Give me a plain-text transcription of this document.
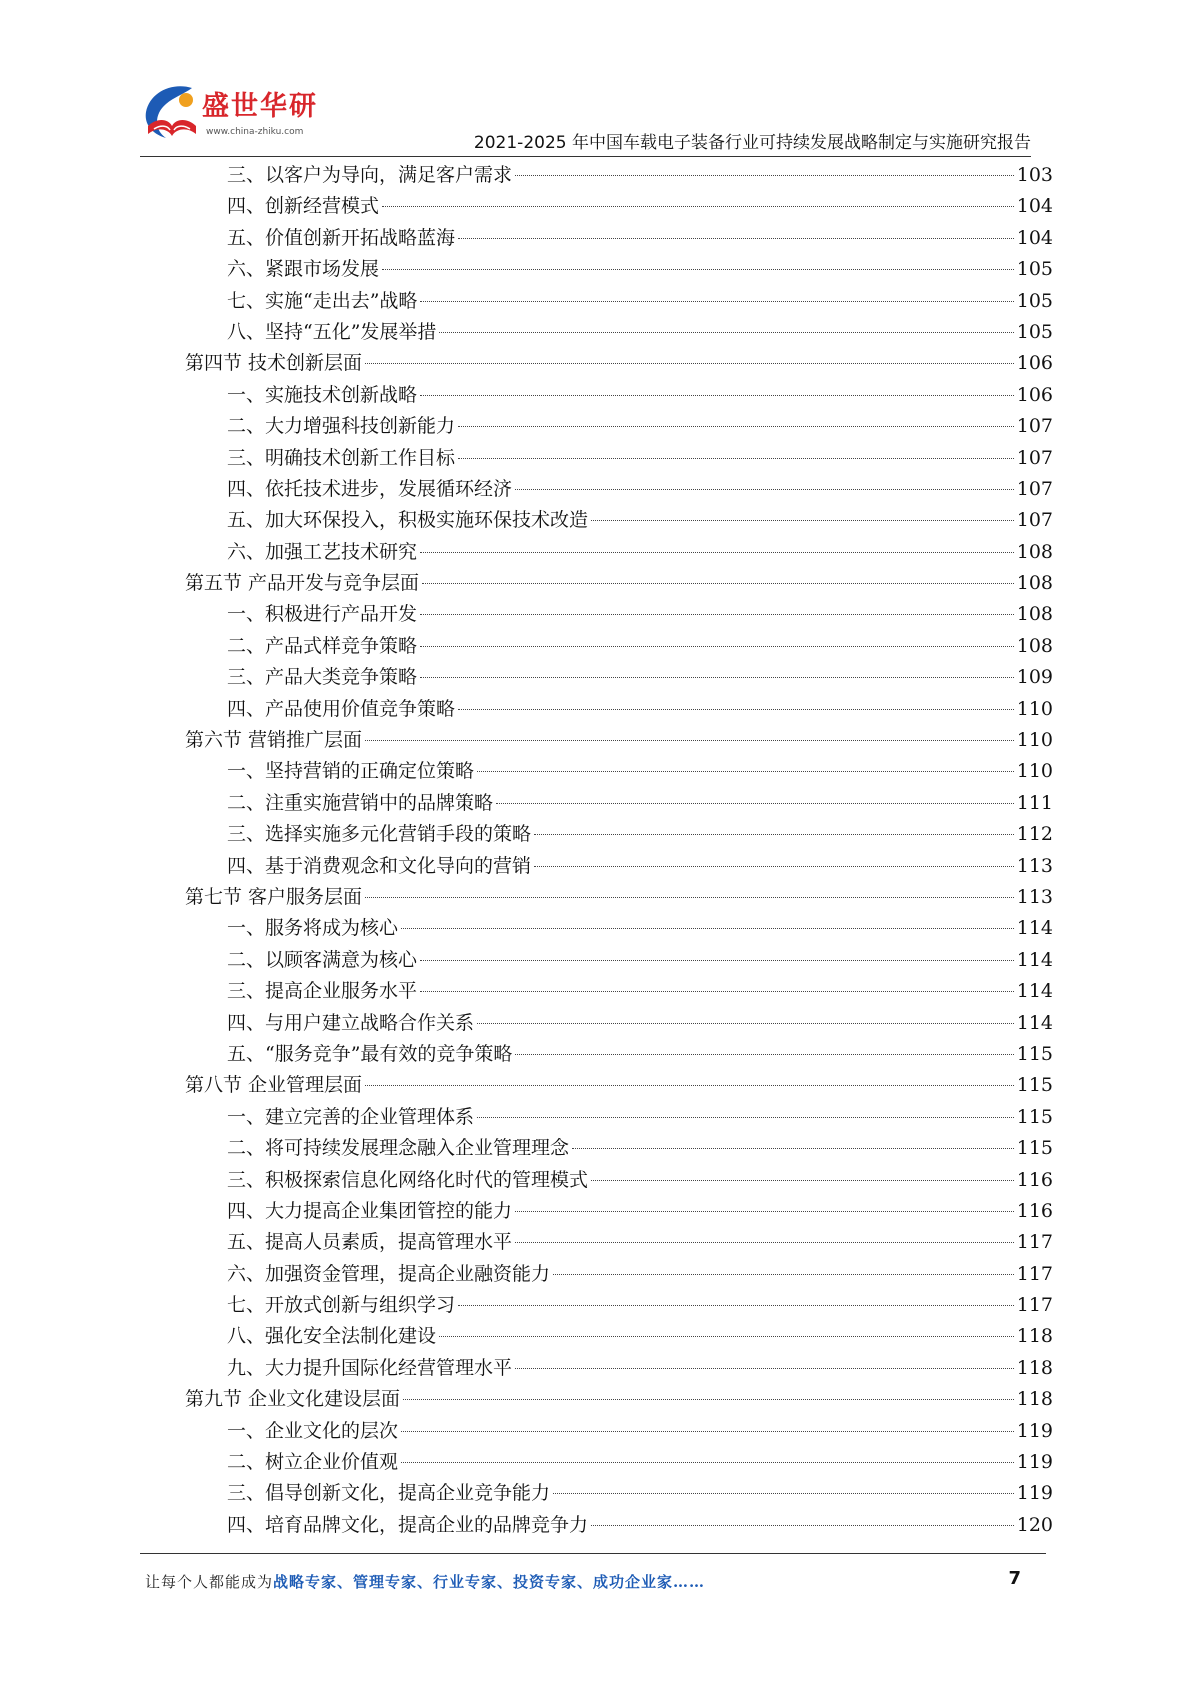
盛世华研
www.china-zhiku.com
2021-2025 年中国车载电子装备行业可持续发展战略制定与实施研究报告
三、以客户为导向，满足客户需求	103
四、创新经营模式	104
五、价值创新开拓战略蓝海	104
六、紧跟市场发展	105
七、实施“走出去”战略	105
八、坚持“五化”发展举措	105
第四节 技术创新层面	106
一、实施技术创新战略	106
二、大力增强科技创新能力	107
三、明确技术创新工作目标	107
四、依托技术进步，发展循环经济	107
五、加大环保投入，积极实施环保技术改造	107
六、加强工艺技术研究	108
第五节 产品开发与竞争层面	108
一、积极进行产品开发	108
二、产品式样竞争策略	108
三、产品大类竞争策略	109
四、产品使用价值竞争策略	110
第六节 营销推广层面	110
一、坚持营销的正确定位策略	110
二、注重实施营销中的品牌策略	111
三、选择实施多元化营销手段的策略	112
四、基于消费观念和文化导向的营销	113
第七节 客户服务层面	113
一、服务将成为核心	114
二、以顾客满意为核心	114
三、提高企业服务水平	114
四、与用户建立战略合作关系	114
五、“服务竞争”最有效的竞争策略	115
第八节 企业管理层面	115
一、建立完善的企业管理体系	115
二、将可持续发展理念融入企业管理理念	115
三、积极探索信息化网络化时代的管理模式	116
四、大力提高企业集团管控的能力	116
五、提高人员素质，提高管理水平	117
六、加强资金管理，提高企业融资能力	117
七、开放式创新与组织学习	117
八、强化安全法制化建设	118
九、大力提升国际化经营管理水平	118
第九节 企业文化建设层面	118
一、企业文化的层次	119
二、树立企业价值观	119
三、倡导创新文化，提高企业竞争能力	119
四、培育品牌文化，提高企业的品牌竞争力	120
让每个人都能成为战略专家、管理专家、行业专家、投资专家、成功企业家……	7
